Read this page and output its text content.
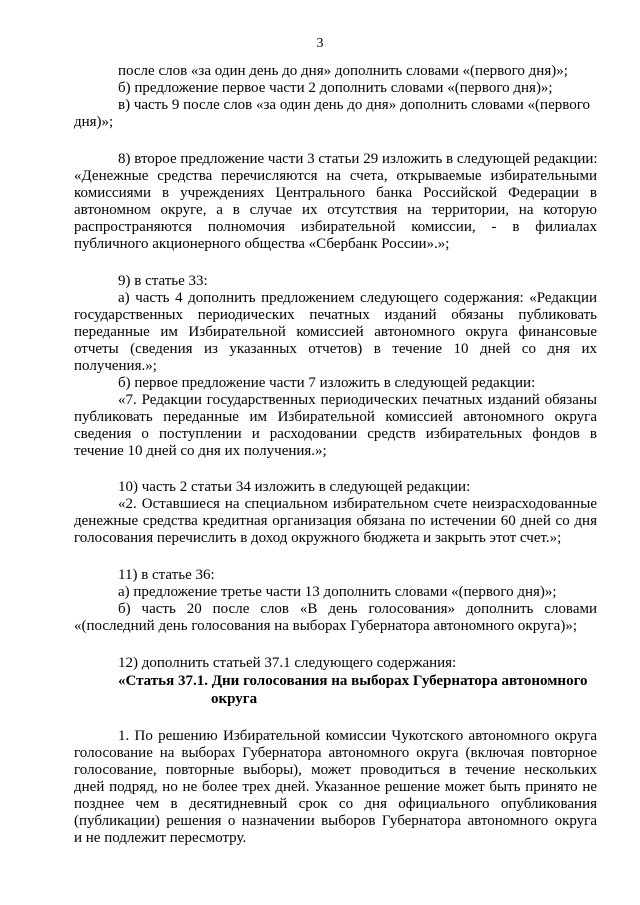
3

после слов «за один день до дня» дополнить словами «(первого дня)»;

б) предложение первое части 2 дополнить словами «(первого дня)»;

в) часть 9 после слов «за один день до дня» дополнить словами «(первого

дня)»;

8) второе предложение части 3 статьи 29 изложить в следующей редакции:

«Денежные средства перечисляются на счета, открываемые избирательными

комиссиями в учреждениях Центрального банка Российской Федерации в

автономном округе, а в случае их отсутствия на территории, на которую

распространяются полномочия избирательной комиссии, - в филиалах

публичного акционерного общества «Сбербанк России».»;

9) в статье 33:

а) часть 4 дополнить предложением следующего содержания: «Редакции

государственных периодических печатных изданий обязаны публиковать

переданные им Избирательной комиссией автономного округа финансовые

отчеты (сведения из указанных отчетов) в течение 10 дней со дня их

получения.»;

б) первое предложение части 7 изложить в следующей редакции:

«7. Редакции государственных периодических печатных изданий обязаны

публиковать переданные им Избирательной комиссией автономного округа

сведения о поступлении и расходовании средств избирательных фондов в

течение 10 дней со дня их получения.»;

10) часть 2 статьи 34 изложить в следующей редакции:

«2. Оставшиеся на специальном избирательном счете неизрасходованные

денежные средства кредитная организация обязана по истечении 60 дней со дня

голосования перечислить в доход окружного бюджета и закрыть этот счет.»;

11) в статье 36:

а) предложение третье части 13 дополнить словами «(первого дня)»;

б) часть 20 после слов «В день голосования» дополнить словами

«(последний день голосования на выборах Губернатора автономного округа)»;

12) дополнить статьей 37.1 следующего содержания:

«Статья 37.1. Дни голосования на выборах Губернатора автономного
округа

1. По решению Избирательной комиссии Чукотского автономного округа

голосование на выборах Губернатора автономного округа (включая повторное

голосование, повторные выборы), может проводиться в течение нескольких

дней подряд, но не более трех дней. Указанное решение может быть принято не

позднее чем в десятидневный срок со дня официального опубликования

(публикации) решения о назначении выборов Губернатора автономного округа

и не подлежит пересмотру.
